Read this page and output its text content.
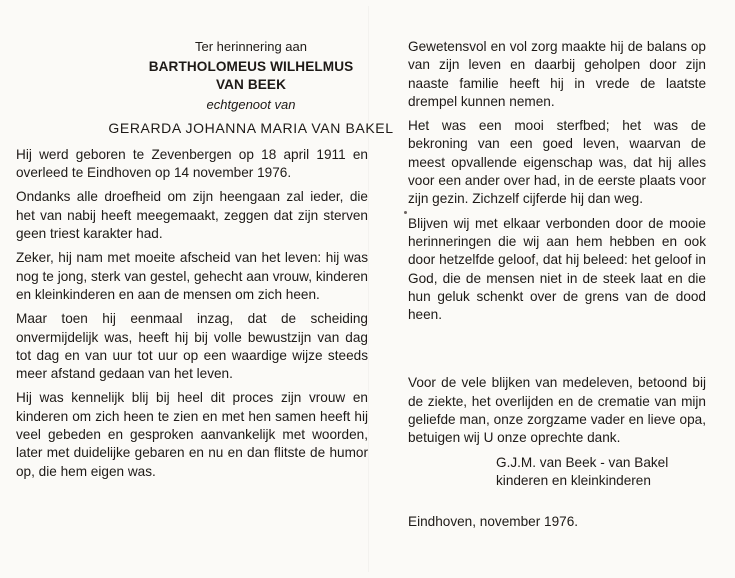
Ter herinnering aan
BARTHOLOMEUS WILHELMUS
VAN BEEK
echtgenoot van
GERARDA JOHANNA MARIA VAN BAKEL

Hij werd geboren te Zevenbergen op 18 april 1911 en overleed te Eindhoven op 14 november 1976.

Ondanks alle droefheid om zijn heengaan zal ieder, die het van nabij heeft meegemaakt, zeggen dat zijn sterven geen triest karakter had.

Zeker, hij nam met moeite afscheid van het leven: hij was nog te jong, sterk van gestel, gehecht aan vrouw, kinderen en kleinkinderen en aan de mensen om zich heen.

Maar toen hij eenmaal inzag, dat de scheiding onvermijdelijk was, heeft hij bij volle bewustzijn van dag tot dag en van uur tot uur op een waardige wijze steeds meer afstand gedaan van het leven.

Hij was kennelijk blij bij heel dit proces zijn vrouw en kinderen om zich heen te zien en met hen samen heeft hij veel gebeden en gesproken aanvankelijk met woorden, later met duidelijke gebaren en nu en dan flitste de humor op, die hem eigen was.

Gewetensvol en vol zorg maakte hij de balans op van zijn leven en daarbij geholpen door zijn naaste familie heeft hij in vrede de laatste drempel kunnen nemen.

Het was een mooi sterfbed; het was de bekroning van een goed leven, waarvan de meest opvallende eigenschap was, dat hij alles voor een ander over had, in de eerste plaats voor zijn gezin. Zichzelf cijferde hij dan weg.

Blijven wij met elkaar verbonden door de mooie herinneringen die wij aan hem hebben en ook door hetzelfde geloof, dat hij beleed: het geloof in God, die de mensen niet in de steek laat en die hun geluk schenkt over de grens van de dood heen.

Voor de vele blijken van medeleven, betoond bij de ziekte, het overlijden en de crematie van mijn geliefde man, onze zorgzame vader en lieve opa, betuigen wij U onze oprechte dank.

G.J.M. van Beek - van Bakel
kinderen en kleinkinderen
Eindhoven, november 1976.
